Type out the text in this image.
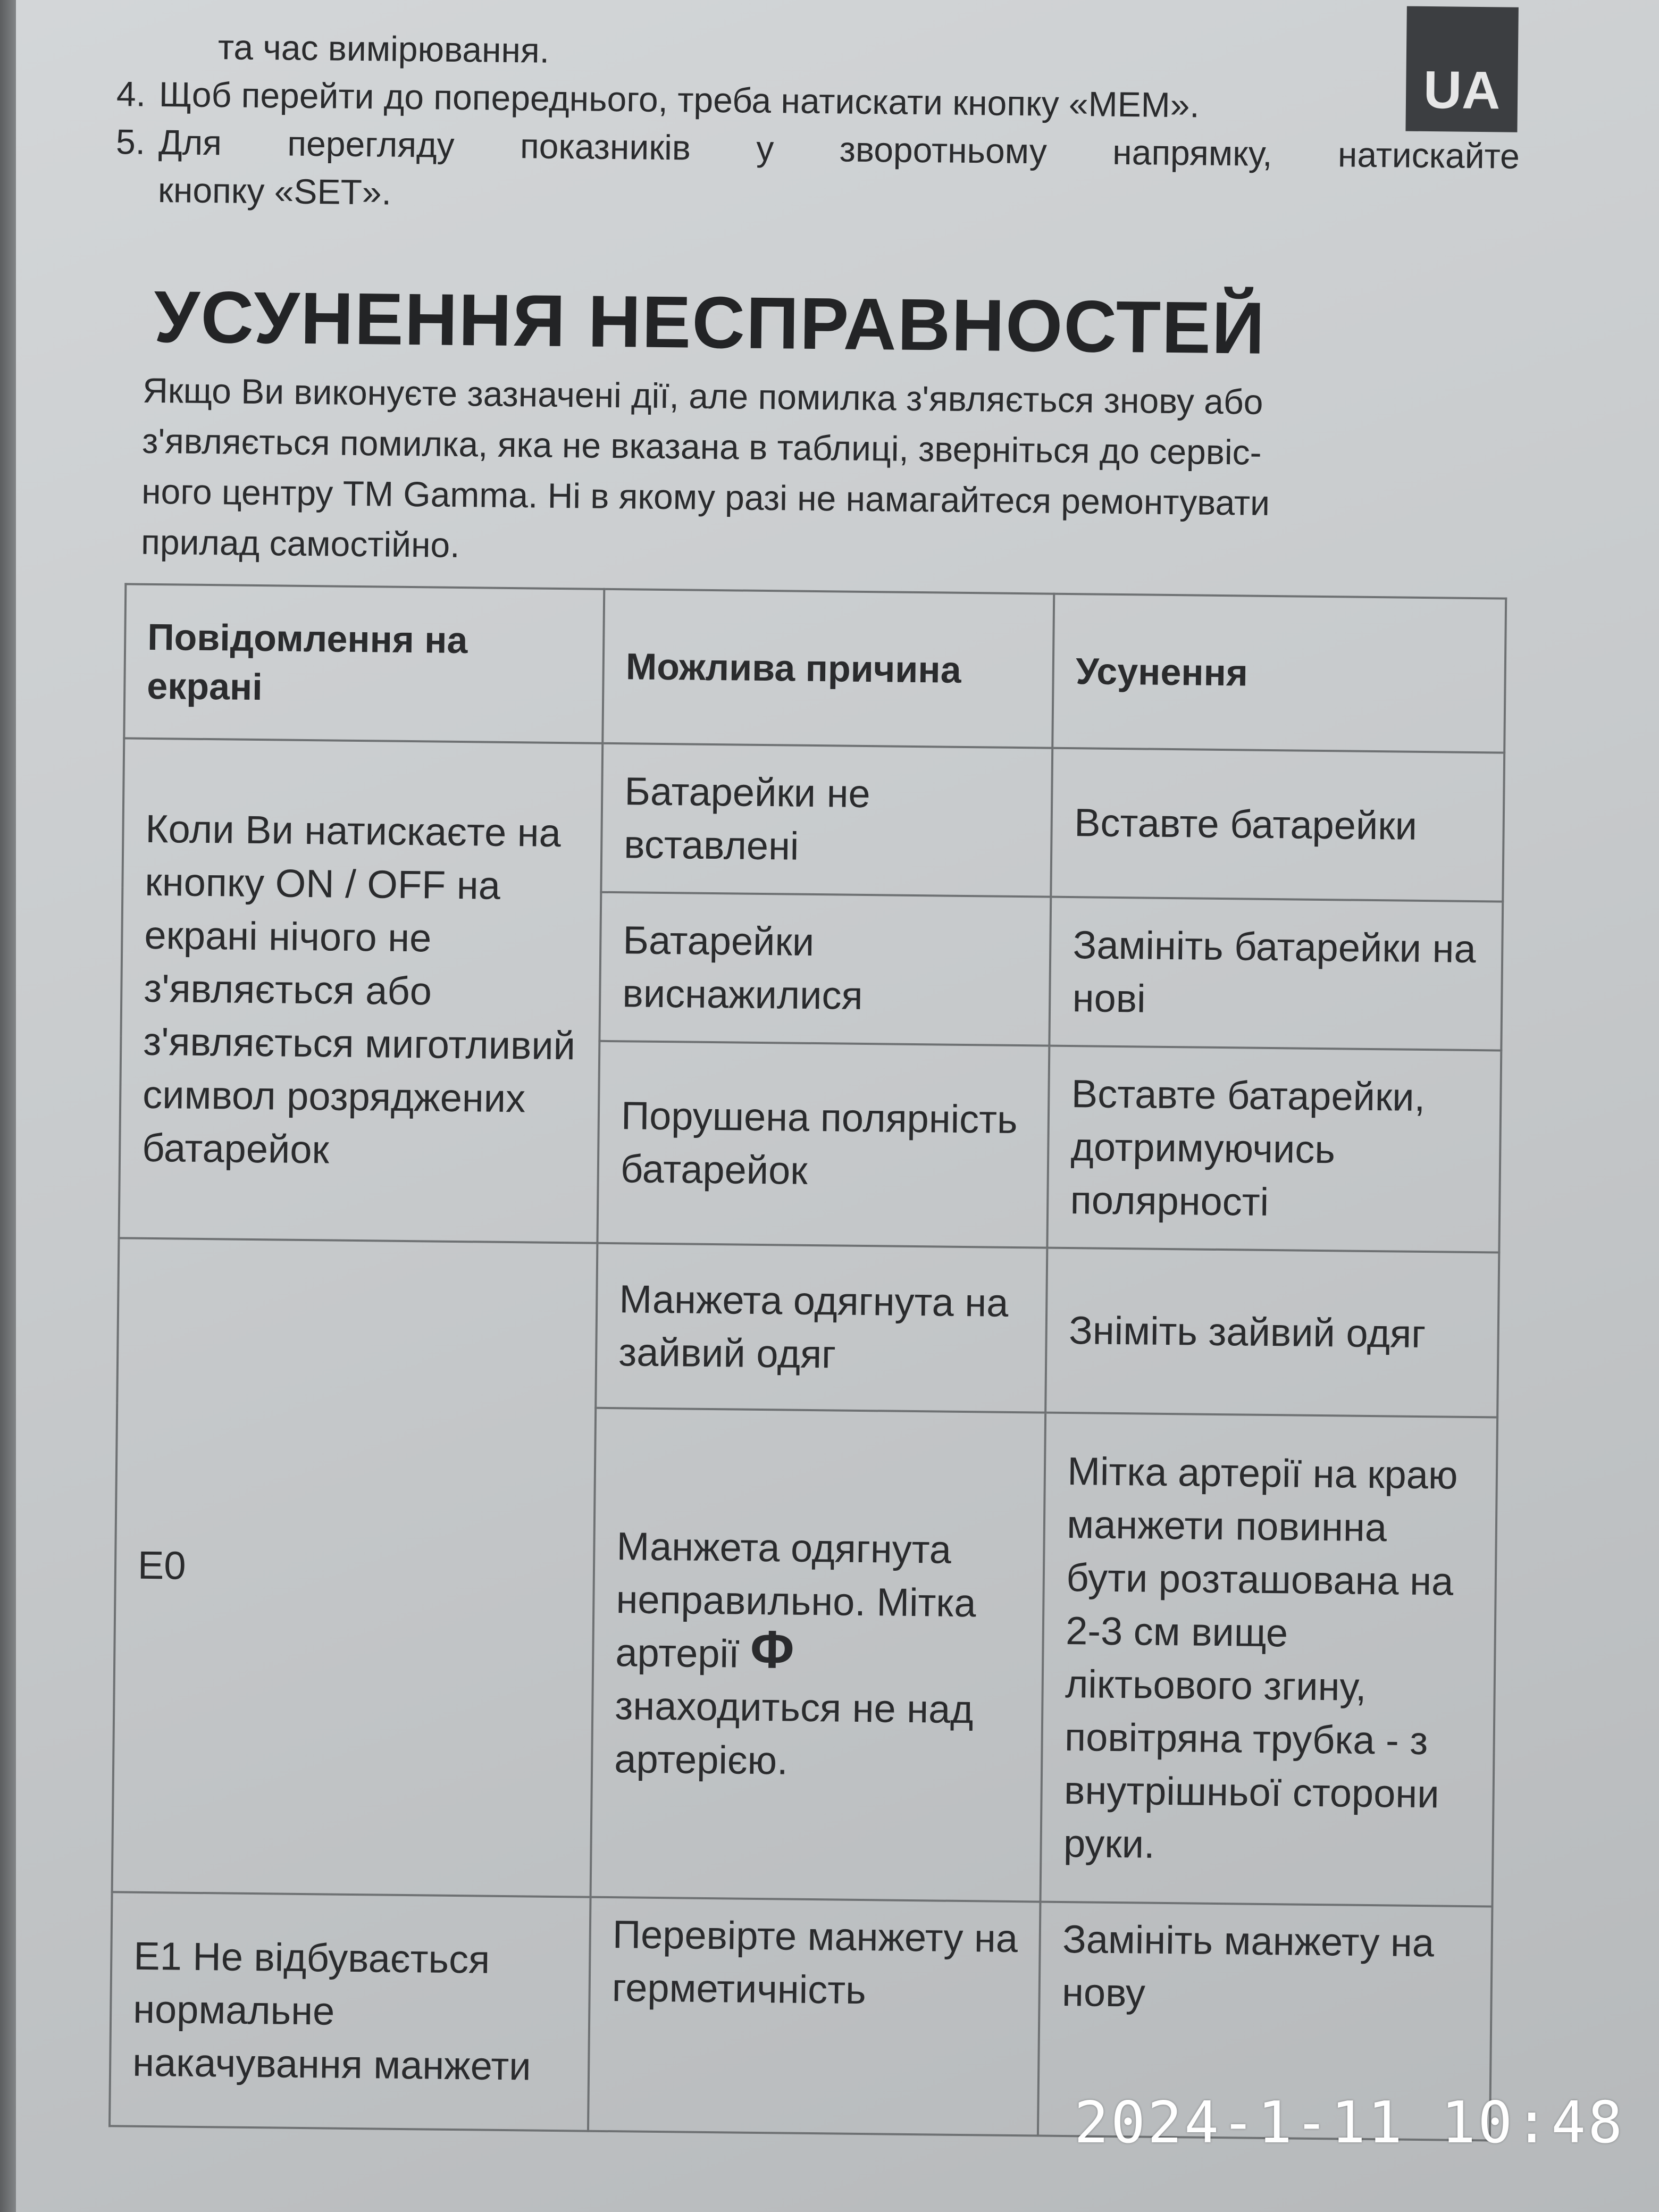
UA
та час вимірювання.
4. Щоб перейти до попереднього, треба натискати кнопку «MEM».
5. Для перегляду показників у зворотньому напрямку, натискайте
кнопку «SET».
УСУНЕННЯ НЕСПРАВНОСТЕЙ
Якщо Ви виконуєте зазначені дії, але помилка з'являється знову або
з'являється помилка, яка не вказана в таблиці, зверніться до сервіс-
ного центру TM Gamma. Ні в якому разі не намагайтеся ремонтувати
прилад самостійно.
Повідомлення на екрані	Можлива причина	Усунення
Коли Ви натискаєте на кнопку ON / OFF на екрані нічого не з'являється або з'являється миготливий символ розряджених батарейок	Батарейки не вставлені	Вставте батарейки
	Батарейки виснажилися	Замініть батарейки на нові
	Порушена полярність батарейок	Вставте батарейки, дотримуючись полярності
E0	Манжета одягнута на зайвий одяг	Зніміть зайвий одяг
	Манжета одягнута неправильно. Мітка артерії Φ знаходиться не над артерією.	Мітка артерії на краю манжети повинна бути розташована на 2-3 см вище ліктьового згину, повітряна трубка - з внутрішньої сторони руки.
E1 Не відбувається нормальне накачування манжети	Перевірте манжету на герметичність	Замініть манжету на нову
2024-1-11 10:48
